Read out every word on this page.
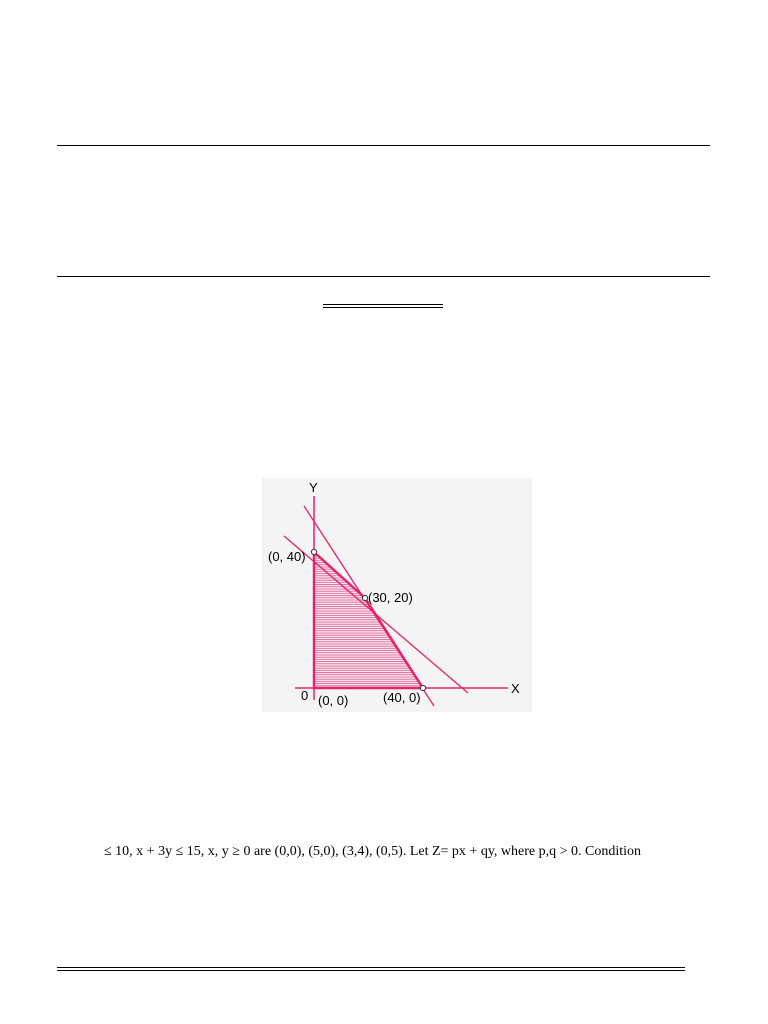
Y
X
0
(0, 40)
(30, 20)
(0, 0)	(40, 0)
≤ 10, x + 3y ≤ 15, x, y ≥ 0 are (0,0), (5,0), (3,4), (0,5). Let Z= px + qy, where p,q > 0. Condition
